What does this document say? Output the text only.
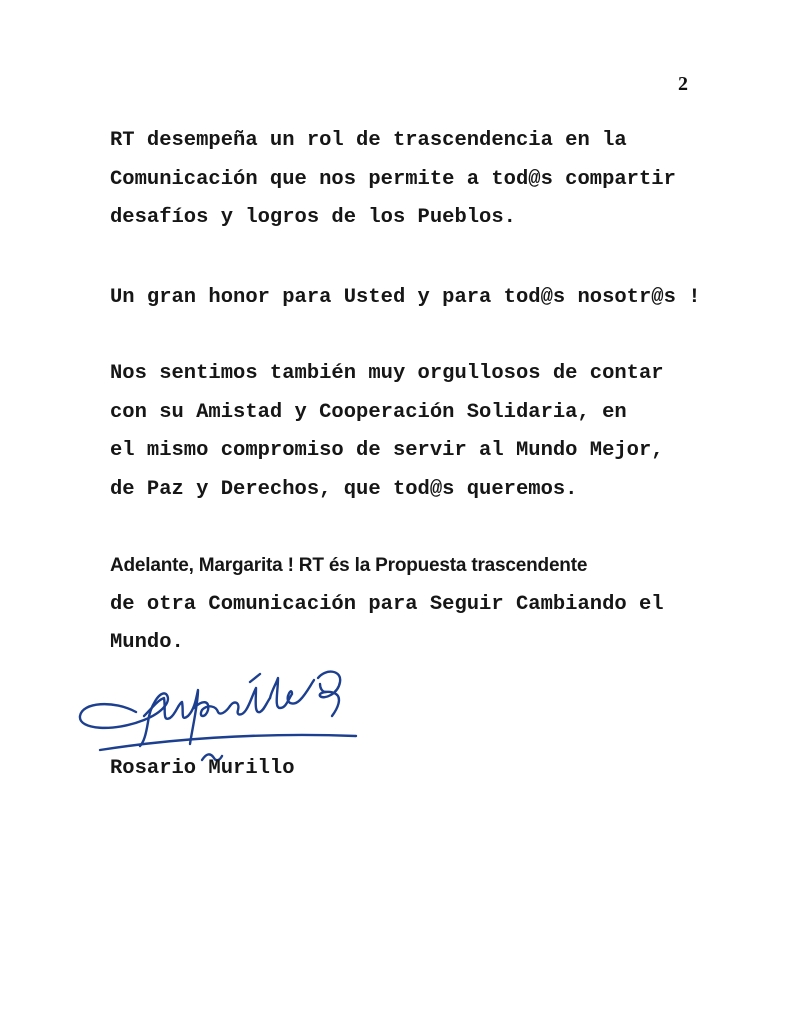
2

RT desempeña un rol de trascendencia en la
Comunicación que nos permite a tod@s compartir
desafíos y logros de los Pueblos.

Un gran honor para Usted y para tod@s nosotr@s !

Nos sentimos también muy orgullosos de contar
con su Amistad y Cooperación Solidaria, en
el mismo compromiso de servir al Mundo Mejor,
de Paz y Derechos, que tod@s queremos.

Adelante, Margarita ! RT és la Propuesta trascendente
de otra Comunicación para Seguir Cambiando el
Mundo.

Rosario Murillo
